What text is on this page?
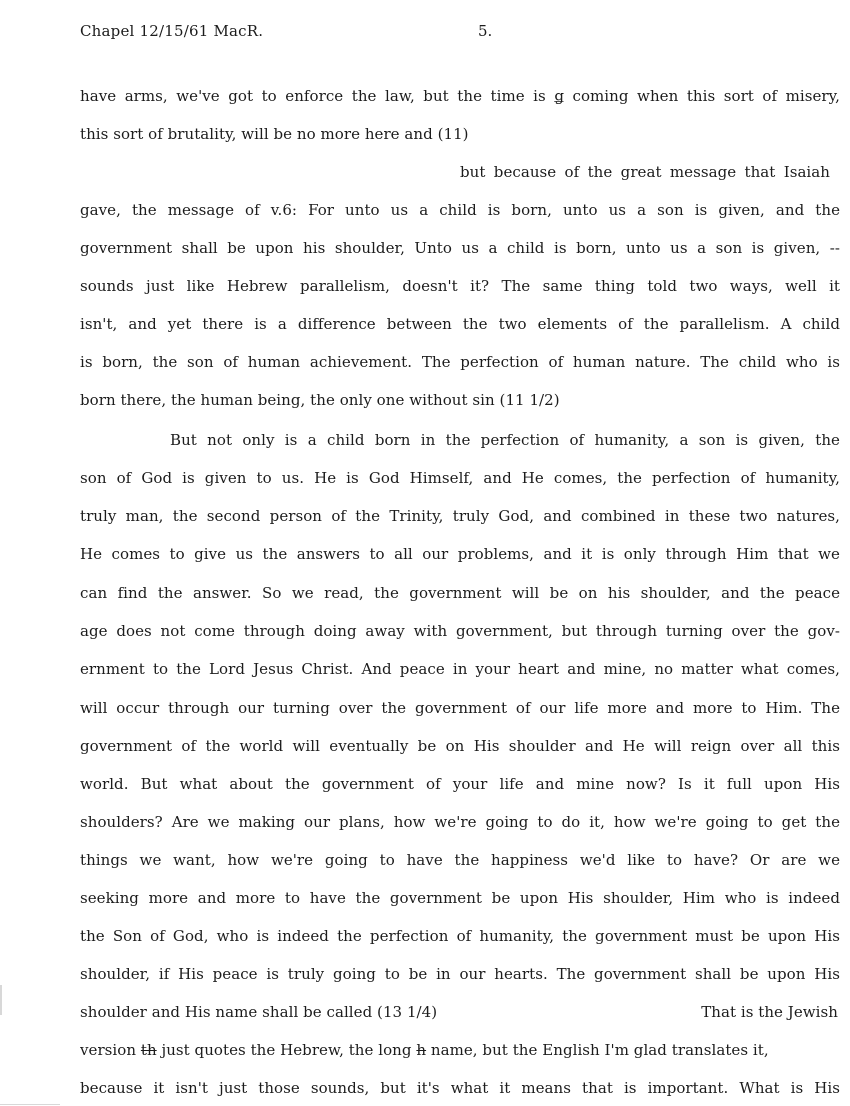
Chapel 12/15/61 MacR.	5.
have arms, we've got to enforce the law, but the time is ǥ coming when this sort of misery,
this sort of brutality, will be no more here and (11)
but because of the great message that Isaiah
gave, the message of v.6: For unto us a child is born, unto us a son is given, and the
government shall be upon his shoulder, Unto us a child is born, unto us a son is given, --
sounds just like Hebrew parallelism, doesn't it? The same thing told two ways, well it
isn't, and yet there is a difference between the two elements of the parallelism. A child
is born, the son of human achievement. The perfection of human nature. The child who is
born there, the human being, the only one without sin (11 1/2)
But not only is a child born in the perfection of humanity, a son is given, the
son of God is given to us. He is God Himself, and He comes, the perfection of humanity,
truly man, the second person of the Trinity, truly God, and combined in these two natures,
He comes to give us the answers to all our problems, and it is only through Him that we
can find the answer. So we read, the government will be on his shoulder, and the peace
age does not come through doing away with government, but through turning over the gov-
ernment to the Lord Jesus Christ. And peace in your heart and mine, no matter what comes,
will occur through our turning over the government of our life more and more to Him. The
government of the world will eventually be on His shoulder and He will reign over all this
world. But what about the government of your life and mine now? Is it full upon His
shoulders? Are we making our plans, how we're going to do it, how we're going to get the
things we want, how we're going to have the happiness we'd like to have? Or are we
seeking more and more to have the government be upon His shoulder, Him who is indeed
the Son of God, who is indeed the perfection of humanity, the government must be upon His
shoulder, if His peace is truly going to be in our hearts. The government shall be upon His
shoulder and His name shall be called (13 1/4)	That is the Jewish
version th just quotes the Hebrew, the long h name, but the English I'm glad translates it,
because it isn't just those sounds, but it's what it means that is important. What is His
